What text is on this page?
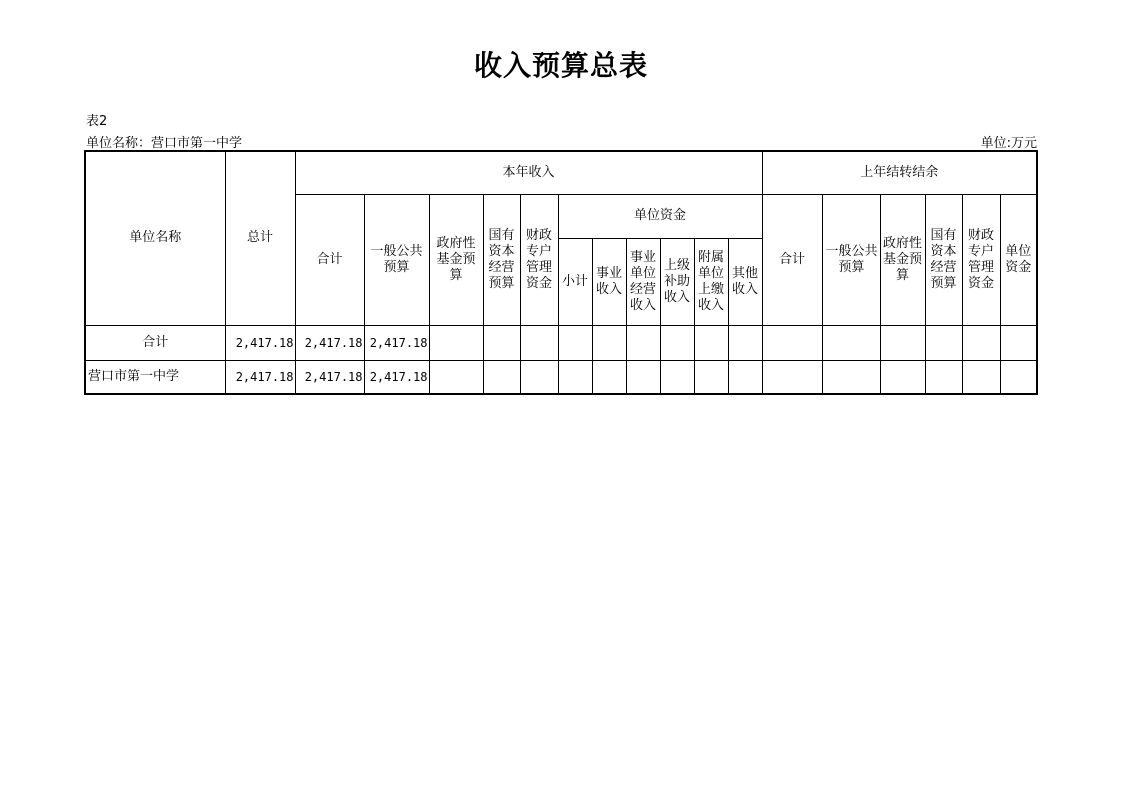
收入预算总表
表2
单位名称：营口市第一中学	单位:万元
单位名称	总计	本年收入											上年结转结余					
		合计	一般公共预算	政府性基金预算	国有资本经营预算	财政专户管理资金	单位资金						合计	一般公共预算	政府性基金预算	国有资本经营预算	财政专户管理资金	单位资金
							小计	事业收入	事业单位经营收入	上级补助收入	附属单位上缴收入	其他收入						

合计	2,417.18	2,417.18	2,417.18															
营口市第一中学	2,417.18	2,417.18	2,417.18															
